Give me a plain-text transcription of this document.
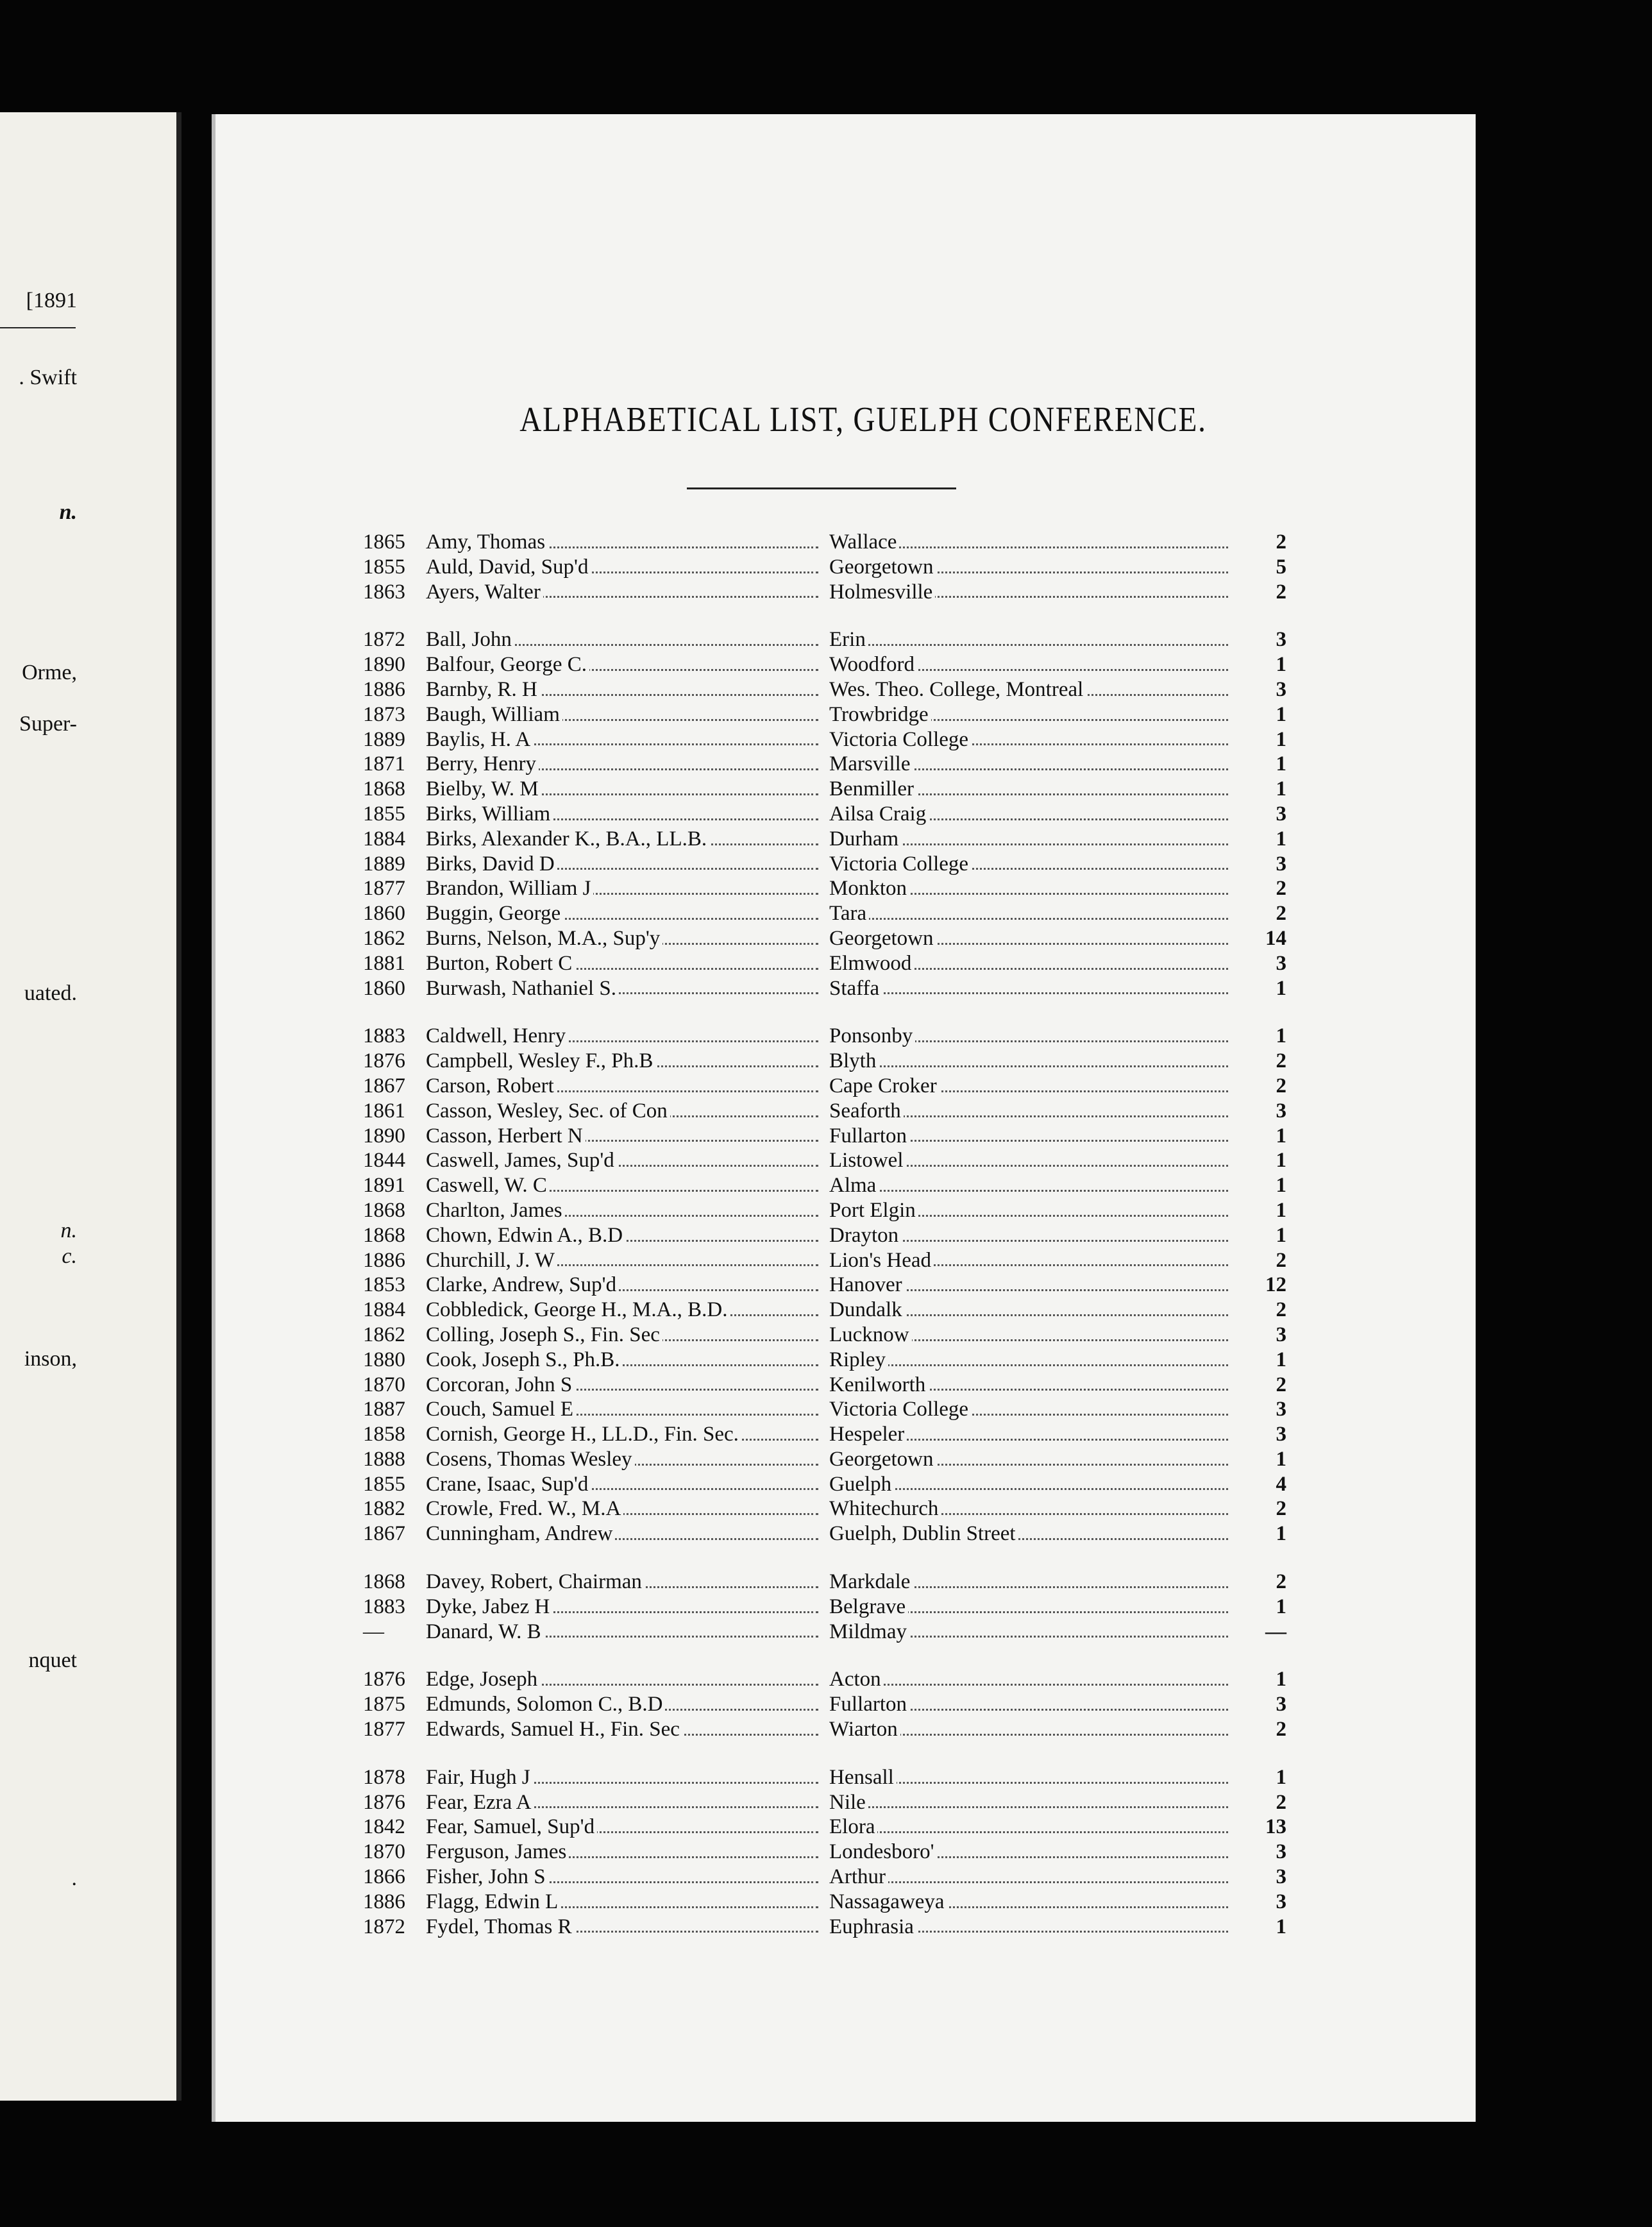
[1891
. Swift
n.
Orme,
Super-
uated.
n.
c.
inson,
nquet
.
ALPHABETICAL LIST, GUELPH CONFERENCE.
1865 Amy, Thomas	Wallace	2
1855 Auld, David, Sup'd	Georgetown	5
1863 Ayers, Walter	Holmesville	2
1872 Ball, John	Erin	3
1890 Balfour, George C.	Woodford	1
1886 Barnby, R. H	Wes. Theo. College, Montreal	3
1873 Baugh, William	Trowbridge	1
1889 Baylis, H. A	Victoria College	1
1871 Berry, Henry	Marsville	1
1868 Bielby, W. M	Benmiller	1
1855 Birks, William	Ailsa Craig	3
1884 Birks, Alexander K., B.A., LL.B.	Durham	1
1889 Birks, David D	Victoria College	3
1877 Brandon, William J	Monkton	2
1860 Buggin, George	Tara	2
1862 Burns, Nelson, M.A., Sup'y	Georgetown	14
1881 Burton, Robert C	Elmwood	3
1860 Burwash, Nathaniel S.	Staffa	1
1883 Caldwell, Henry	Ponsonby	1
1876 Campbell, Wesley F., Ph.B	Blyth	2
1867 Carson, Robert	Cape Croker	2
1861 Casson, Wesley, Sec. of Con	Seaforth	3
1890 Casson, Herbert N	Fullarton	1
1844 Caswell, James, Sup'd	Listowel	1
1891 Caswell, W. C	Alma	1
1868 Charlton, James	Port Elgin	1
1868 Chown, Edwin A., B.D	Drayton	1
1886 Churchill, J. W	Lion's Head	2
1853 Clarke, Andrew, Sup'd	Hanover	12
1884 Cobbledick, George H., M.A., B.D.	Dundalk	2
1862 Colling, Joseph S., Fin. Sec	Lucknow	3
1880 Cook, Joseph S., Ph.B.	Ripley	1
1870 Corcoran, John S	Kenilworth	2
1887 Couch, Samuel E	Victoria College	3
1858 Cornish, George H., LL.D., Fin. Sec.	Hespeler	3
1888 Cosens, Thomas Wesley	Georgetown	1
1855 Crane, Isaac, Sup'd	Guelph	4
1882 Crowle, Fred. W., M.A	Whitechurch	2
1867 Cunningham, Andrew	Guelph, Dublin Street	1
1868 Davey, Robert, Chairman	Markdale	2
1883 Dyke, Jabez H	Belgrave	1
—	Danard, W. B	Mildmay	—
1876 Edge, Joseph	Acton	1
1875 Edmunds, Solomon C., B.D	Fullarton	3
1877 Edwards, Samuel H., Fin. Sec	Wiarton	2
1878 Fair, Hugh J	Hensall	1
1876 Fear, Ezra A	Nile	2
1842 Fear, Samuel, Sup'd	Elora	13
1870 Ferguson, James	Londesboro'	3
1866 Fisher, John S	Arthur	3
1886 Flagg, Edwin L	Nassagaweya	3
1872 Fydel, Thomas R	Euphrasia	1
